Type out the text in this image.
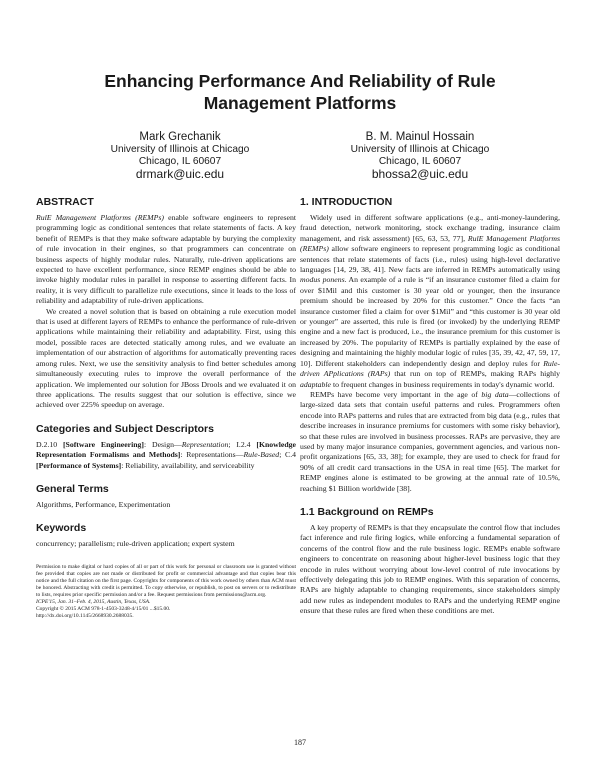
Enhancing Performance And Reliability of Rule Management Platforms
Mark Grechanik
University of Illinois at Chicago
Chicago, IL 60607
drmark@uic.edu
B. M. Mainul Hossain
University of Illinois at Chicago
Chicago, IL 60607
bhossa2@uic.edu
ABSTRACT

RulE Management Platforms (REMPs) enable software engineers to represent programming logic as conditional sentences that relate statements of facts. A key benefit of REMPs is that they make software adaptable by burying the complexity of rule invocation in their engines, so that programmers can concentrate on business aspects of highly modular rules. Naturally, rule-driven applications are expected to have excellent performance, since REMP engines should be able to invoke highly modular rules in parallel in response to asserting different facts. In reality, it is very difficult to parallelize rule executions, since it leads to the loss of reliability and adaptability of rule-driven applications.

We created a novel solution that is based on obtaining a rule execution model that is used at different layers of REMPs to enhance the performance of rule-driven applications while maintaining their reliability and adaptability. First, using this model, possible races are detected statically among rules, and we evaluate an implementation of our abstraction of algorithms for automatically preventing races among rules. Next, we use the sensitivity analysis to find better schedules among simultaneously executing rules to improve the overall performance of the application. We implemented our solution for JBoss Drools and we evaluated it on three applications. The results suggest that our solution is effective, since we achieved over 225% speedup on average.

Categories and Subject Descriptors

D.2.10 [Software Engineering]: Design—Representation; I.2.4 [Knowledge Representation Formalisms and Methods]: Representations—Rule-Based; C.4 [Performance of Systems]: Reliability, availability, and serviceability

General Terms

Algorithms, Performance, Experimentation

Keywords

concurrency; parallelism; rule-driven application; expert system

Permission to make digital or hard copies of all or part of this work for personal or classroom use is granted without fee provided that copies are not made or distributed for profit or commercial advantage and that copies bear this notice and the full citation on the first page. Copyrights for components of this work owned by others than ACM must be honored. Abstracting with credit is permitted. To copy otherwise, or republish, to post on servers or to redistribute to lists, requires prior specific permission and/or a fee. Request permissions from permissions@acm.org.

ICPE'15, Jan. 31–Feb. 4, 2015, Austin, Texas, USA.

Copyright © 2015 ACM 978-1-4503-3248-4/15/01 ...$15.00.

http://dx.doi.org/10.1145/2668930.2688035.

1. INTRODUCTION

Widely used in different software applications (e.g., anti-money-laundering, fraud detection, network monitoring, stock exchange trading, insurance claim management, and risk assessment) [65, 63, 53, 77], RulE Management Platforms (REMPs) allow software engineers to represent programming logic as conditional sentences that relate statements of facts (i.e., rules) using high-level declarative languages [14, 29, 38, 41]. New facts are inferred in REMPs automatically using modus ponens. An example of a rule is “if an insurance customer filed a claim for over $1Mil and this customer is 30 year old or younger, then the insurance premium should be increased by 20% for this customer.” Once the facts “an insurance customer filed a claim for over $1Mil” and “this customer is 30 year old or younger” are asserted, this rule is fired (or invoked) by the underlying REMP engine and a new fact is produced, i.e., the insurance premium for this customer is increased by 20%. The popularity of REMPs is partially explained by the ease of designing and maintaining the highly modular logic of rules [35, 39, 42, 47, 59, 17, 10]. Different stakeholders can independently design and deploy rules for Rule-driven APplications (RAPs) that run on top of REMPs, making RAPs highly adaptable to frequent changes in business requirements in today's dynamic world.

REMPs have become very important in the age of big data—collections of large-sized data sets that contain useful patterns and rules. Programmers often encode into RAPs patterns and rules that are extracted from big data (e.g., rules that describe increases in insurance premiums for customers with some risky behavior), so that these rules are involved in business processes. RAPs are pervasive, they are used by many major insurance companies, government agencies, and various non-profit organizations [65, 33, 38]; for example, they are used to check for fraud for 90% of all credit card transactions in the USA in real time [65]. The market for REMP engines alone is estimated to be growing at the annual rate of 10.5%, reaching $1 Billion worldwide [38].

1.1 Background on REMPs

A key property of REMPs is that they encapsulate the control flow that includes fact inference and rule firing logics, while enforcing a fundamental separation of concerns of the control flow and the rule business logic. REMPs enable software engineers to concentrate on reasoning about higher-level business logic that they encode in rules without worrying about low-level control of rule invocations by effectively delegating this job to REMP engines. With this separation of concerns, RAPs are highly adaptable to changing requirements, since stakeholders simply add new rules as independent modules to RAPs and the underlying REMP engine ensure that these rules are fired when these conditions are met.

187
